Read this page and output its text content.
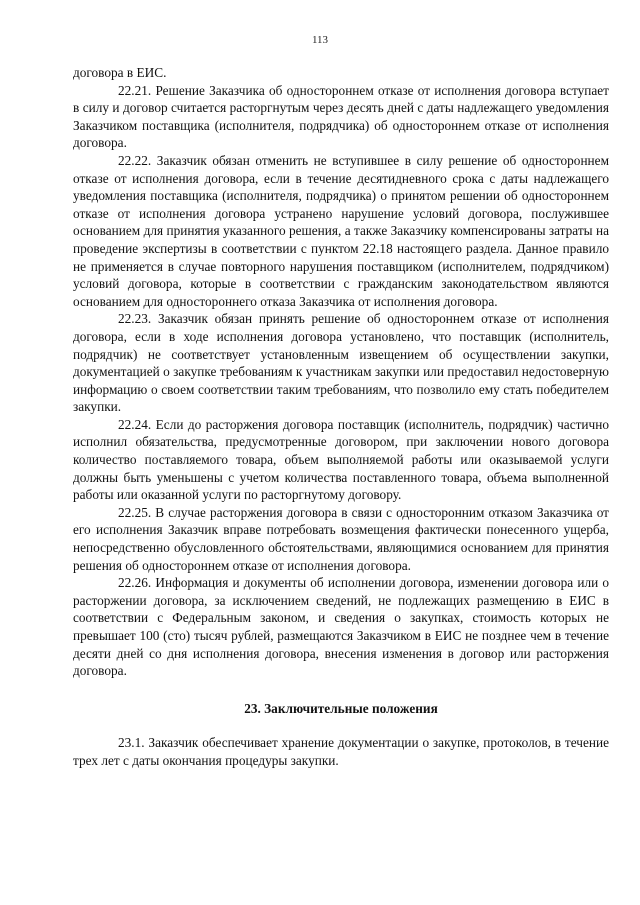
113

договора в ЕИС.

22.21. Решение Заказчика об одностороннем отказе от исполнения договора вступает в силу и договор считается расторгнутым через десять дней с даты надлежащего уведомления Заказчиком поставщика (исполнителя, подрядчика) об одностороннем отказе от исполнения договора.

22.22. Заказчик обязан отменить не вступившее в силу решение об одностороннем отказе от исполнения договора, если в течение десятидневного срока с даты надлежащего уведомления поставщика (исполнителя, подрядчика) о принятом решении об одностороннем отказе от исполнения договора устранено нарушение условий договора, послужившее основанием для принятия указанного решения, а также Заказчику компенсированы затраты на проведение экспертизы в соответствии с пунктом 22.18 настоящего раздела. Данное правило не применяется в случае повторного нарушения поставщиком (исполнителем, подрядчиком) условий договора, которые в соответствии с гражданским законодательством являются основанием для одностороннего отказа Заказчика от исполнения договора.

22.23. Заказчик обязан принять решение об одностороннем отказе от исполнения договора, если в ходе исполнения договора установлено, что поставщик (исполнитель, подрядчик) не соответствует установленным извещением об осуществлении закупки, документацией о закупке требованиям к участникам закупки или предоставил недостоверную информацию о своем соответствии таким требованиям, что позволило ему стать победителем закупки.

22.24. Если до расторжения договора поставщик (исполнитель, подрядчик) частично исполнил обязательства, предусмотренные договором, при заключении нового договора количество поставляемого товара, объем выполняемой работы или оказываемой услуги должны быть уменьшены с учетом количества поставленного товара, объема выполненной работы или оказанной услуги по расторгнутому договору.

22.25. В случае расторжения договора в связи с односторонним отказом Заказчика от его исполнения Заказчик вправе потребовать возмещения фактически понесенного ущерба, непосредственно обусловленного обстоятельствами, являющимися основанием для принятия решения об одностороннем отказе от исполнения договора.

22.26. Информация и документы об исполнении договора, изменении договора или о расторжении договора, за исключением сведений, не подлежащих размещению в ЕИС в соответствии с Федеральным законом, и сведения о закупках, стоимость которых не превышает 100 (сто) тысяч рублей, размещаются Заказчиком в ЕИС не позднее чем в течение десяти дней со дня исполнения договора, внесения изменения в договор или расторжения договора.

23. Заключительные положения

23.1. Заказчик обеспечивает хранение документации о закупке, протоколов, в течение трех лет с даты окончания процедуры закупки.
